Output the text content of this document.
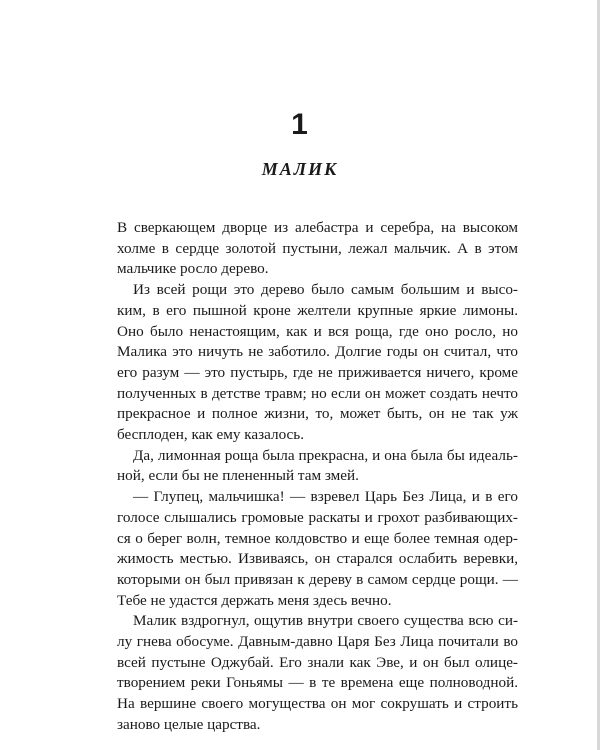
1
МАЛИК
В сверкающем дворце из алебастра и серебра, на высоком
холме в сердце золотой пустыни, лежал мальчик. А в этом
мальчике росло дерево.
Из всей рощи это дерево было самым большим и высо-
ким, в его пышной кроне желтели крупные яркие лимоны.
Оно было ненастоящим, как и вся роща, где оно росло, но
Малика это ничуть не заботило. Долгие годы он считал, что
его разум — это пустырь, где не приживается ничего, кроме
полученных в детстве травм; но если он может создать нечто
прекрасное и полное жизни, то, может быть, он не так уж
бесплоден, как ему казалось.
Да, лимонная роща была прекрасна, и она была бы идеаль-
ной, если бы не плененный там змей.
— Глупец, мальчишка! — взревел Царь Без Лица, и в его
голосе слышались громовые раскаты и грохот разбивающих-
ся о берег волн, темное колдовство и еще более темная одер-
жимость местью. Извиваясь, он старался ослабить веревки,
которыми он был привязан к дереву в самом сердце рощи. —
Тебе не удастся держать меня здесь вечно.
Малик вздрогнул, ощутив внутри своего существа всю си-
лу гнева обосуме. Давным-давно Царя Без Лица почитали во
всей пустыне Оджубай. Его знали как Эве, и он был олице-
творением реки Гоньямы — в те времена еще полноводной.
На вершине своего могущества он мог сокрушать и строить
заново целые царства.
